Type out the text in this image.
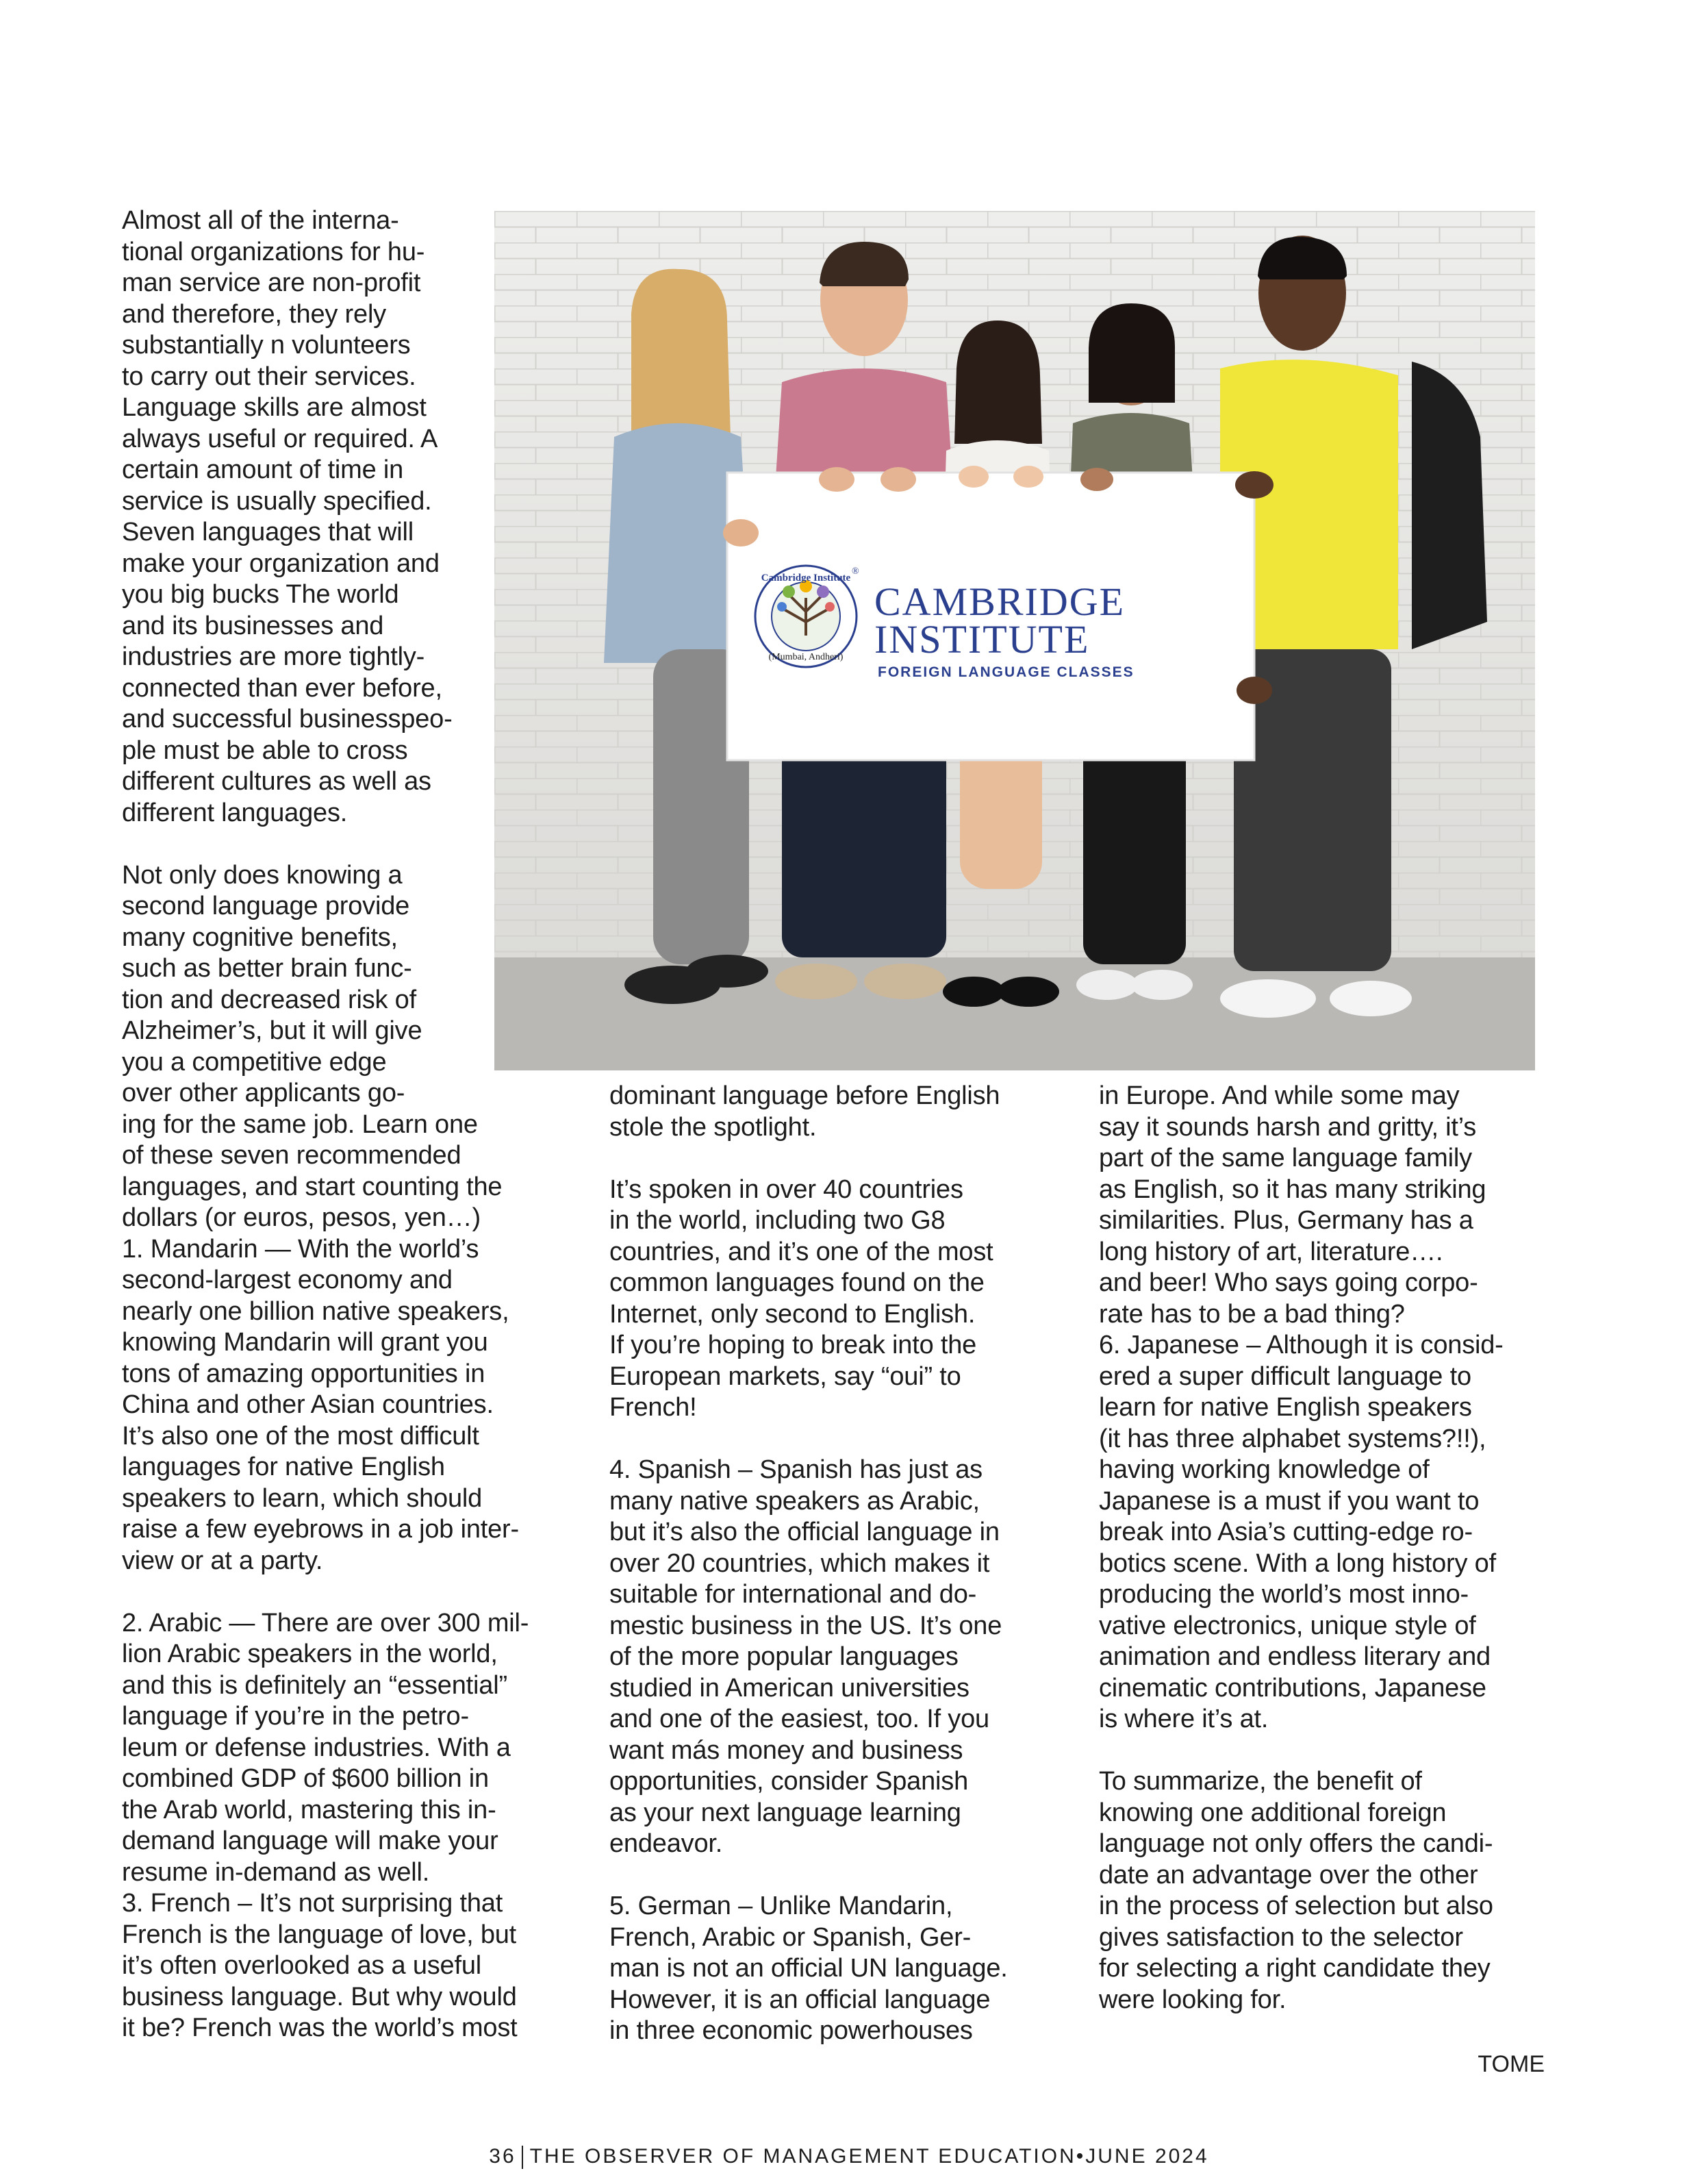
Almost all of the interna-
tional organizations for hu-
man service are non-profit
and therefore, they rely
substantially n volunteers
to carry out their services.
Language skills are almost
always useful or required. A
certain amount of time in
service is usually specified.
Seven languages that will
make your organization and
you big bucks The world
and its businesses and
industries are more tightly-
connected than ever before,
and successful businesspeo-
ple must be able to cross
different cultures as well as
different languages.
Not only does knowing a
second language provide
many cognitive benefits,
such as better brain func-
tion and decreased risk of
Alzheimer’s, but it will give
you a competitive edge
over other applicants go-
ing for the same job. Learn one
of these seven recommended
languages, and start counting the
dollars (or euros, pesos, yen…)
1. Mandarin — With the world’s
second-largest economy and
nearly one billion native speakers,
knowing Mandarin will grant you
tons of amazing opportunities in
China and other Asian countries.
It’s also one of the most difficult
languages for native English
speakers to learn, which should
raise a few eyebrows in a job inter-
view or at a party.
2. Arabic — There are over 300 mil-
lion Arabic speakers in the world,
and this is definitely an “essential”
language if you’re in the petro-
leum or defense industries. With a
combined GDP of $600 billion in
the Arab world, mastering this in-
demand language will make your
resume in-demand as well.
3. French – It’s not surprising that
French is the language of love, but
it’s often overlooked as a useful
business language. But why would
it be? French was the world’s most
Cambridge Institute
(Mumbai, Andheri)
®
CAMBRIDGE
INSTITUTE
FOREIGN LANGUAGE CLASSES
dominant language before English
stole the spotlight.
It’s spoken in over 40 countries
in the world, including two G8
countries, and it’s one of the most
common languages found on the
Internet, only second to English.
If you’re hoping to break into the
European markets, say “oui” to
French!
4. Spanish – Spanish has just as
many native speakers as Arabic,
but it’s also the official language in
over 20 countries, which makes it
suitable for international and do-
mestic business in the US. It’s one
of the more popular languages
studied in American universities
and one of the easiest, too. If you
want más money and business
opportunities, consider Spanish
as your next language learning
endeavor.
5. German – Unlike Mandarin,
French, Arabic or Spanish, Ger-
man is not an official UN language.
However, it is an official language
in three economic powerhouses
in Europe. And while some may
say it sounds harsh and gritty, it’s
part of the same language family
as English, so it has many striking
similarities. Plus, Germany has a
long history of art, literature….
and beer! Who says going corpo-
rate has to be a bad thing?
6. Japanese – Although it is consid-
ered a super difficult language to
learn for native English speakers
(it has three alphabet systems?!!),
having working knowledge of
Japanese is a must if you want to
break into Asia’s cutting-edge ro-
botics scene. With a long history of
producing the world’s most inno-
vative electronics, unique style of
animation and endless literary and
cinematic contributions, Japanese
is where it’s at.
To summarize, the benefit of
knowing one additional foreign
language not only offers the candi-
date an advantage over the other
in the process of selection but also
gives satisfaction to the selector
for selecting a right candidate they
were looking for.
TOME
36 THE OBSERVER OF MANAGEMENT EDUCATION•JUNE 2024
